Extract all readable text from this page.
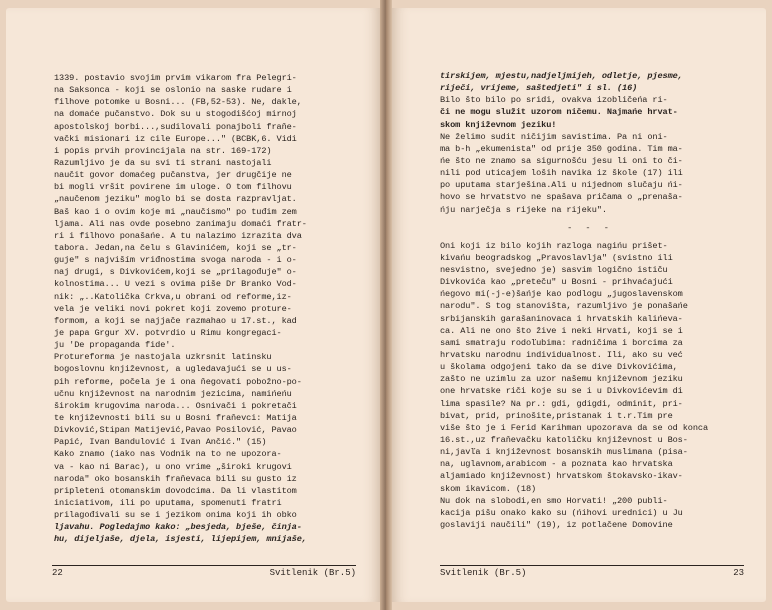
1339. postavio svojim prvim vikarom fra Pelegri-
na Saksonca - koji se oslonio na saske rudare i
filhove potomke u Bosni... (FB,52-53). Ne, dakle,
na domaće pučanstvo. Dok su u stogodišćoj mirnoj
apostolskoj borbi...,sudilovali ponajboli fraňe-
vački misionari iz cile Europe..." (BCBK,6. Vidi
i popis prvih provincijala na str. 169-172)
Razumljivo je da su svi ti strani nastojali
naučit govor domaćeg pučanstva, jer drugčije ne
bi mogli vršit povirene im uloge. O tom filhovu
„naučenom jeziku" moglo bi se dosta razpravljat.
Baš kao i o ovim koje mi „naučismo" po tuđim zem
ljama. Ali nas ovde posebno zanimaju domaći fratr-
ri i filhovo ponašańe. A tu nalazimo izrazita dva
tabora. Jedan,na čelu s Glavinićem, koji se „tr-
guje" s najviším vriđnostima svoga naroda - i o-
naj drugi, s Divkovićem,koji se „prilagođuje" o-
kolnostima... U vezi s ovima piše Dr Branko Vod-
nik: „..Katolička Crkva,u obrani od reforme,iz-
vela je veliki novi pokret koji zovemo proture-
formom, a koji se najjače razmahao u 17.st., kad
je papa Grgur XV. potvrdio u Rimu kongregaci-
ju 'De propaganda fide'.
Protureforma je nastojala uzkrsnit latinsku
bogoslovnu književnost, a ugledavajući se u us-
pih reforme, počela je i ona ňegovati pobožno-po-
učnu književnost na narodnim jezicima, namińeńu
širokim krugovima naroda... Osnivači i pokretači
te književnosti bili su u Bosni fraňevci: Matija
Divković,Stipan Matijević,Pavao Posilović, Pavao
Papić, Ivan Bandulović i Ivan Ančić." (15)
Kako znamo (iako nas Vodnik na to ne upozora-
va - kao ni Barac), u ono vrime „široki krugovi
naroda" oko bosanskih fraňevaca bili su gusto iz
pripleteni otomanskim dovodcima. Da li vlastitom
iniciativom, ili po uputama, spomenuti fratri
prilagođivali su se i jezikom onima koji ih obko
ljavahu. Pogledajmo kako: „besjeda, bješe, činja-
hu, dijeljaše, djela, isjesti, lijepijem, mnijaše,
22	Svitlenik (Br.5)
tirskijem, mjestu,nadjeljmijeh, odletje, pjesme,
riječi, vrijeme, saštedjeti" i sl. (16)
Bilo što bilo po sridi, ovakva izobličeńa ri-
či ne mogu služit uzorom ničemu. Najmańe hrvat-
skom književnom jeziku!
Ne želimo sudit ničijim savistima. Pa ni oni-
ma b-h „ekumenista" od prije 350 godina. Tim ma-
ńe što ne znamo sa sigurnošću jesu li oni to či-
nili pod uticajem loših navika iz škole (17) ili
po uputama starješina.Ali u nijednom slučaju ńi-
hovo se hrvatstvo ne spašava pričama o „prenaša-
ńju narječja s rijeke na rijeku".
- - -
Oni koji iz bilo kojih razloga nagińu prišet-
kivańu beogradskog „Pravoslavlja" (svistno ili
nesvistno, svejedno je) sasvim logično ističu
Divkovića kao „preteču" u Bosni - prihvaćajući
ńegovo mi(-j-e)šańje kao podlogu „jugoslavenskom
narodu". S tog stanovišta, razumljivo je ponašańe
srbijanskih garašaninovaca i hrvatskih kalińeva-
ca. Ali ne ono što žive i neki Hrvati, koji se i
sami smatraju rodoľubima: radničima i borcima za
hrvatsku narodnu individualnost. Ili, ako su već
u školama odgojeni tako da se dive Divkovićima,
zašto ne uzimlu za uzor našemu književnom jeziku
one hrvatske riči koje su se i u Divkovićevim di
lima spasile? Na pr.: gdi, gdigdi, odminit, pri-
bivat, prid, prinošite,pristanak i t.r.Tim pre
više što je i Ferid Karihman upozorava da se od konca
16.st.,uz fraňevačku katoličku književnost u Bos-
ni,javľa i književnost bosanskih muslimana (pisa-
na, uglavnom,arabicom - a poznata kao hrvatska
aljamiado književnost) hrvatskom štokavsko-ikav-
skom ikavicom. (18)
Nu dok na slobodi,en smo Horvati! „200 publi-
kacija pišu onako kako su (ńihovi urednici) u Ju
goslaviji naučili" (19), iz potlačene Domovine
Svitlenik (Br.5)	23
